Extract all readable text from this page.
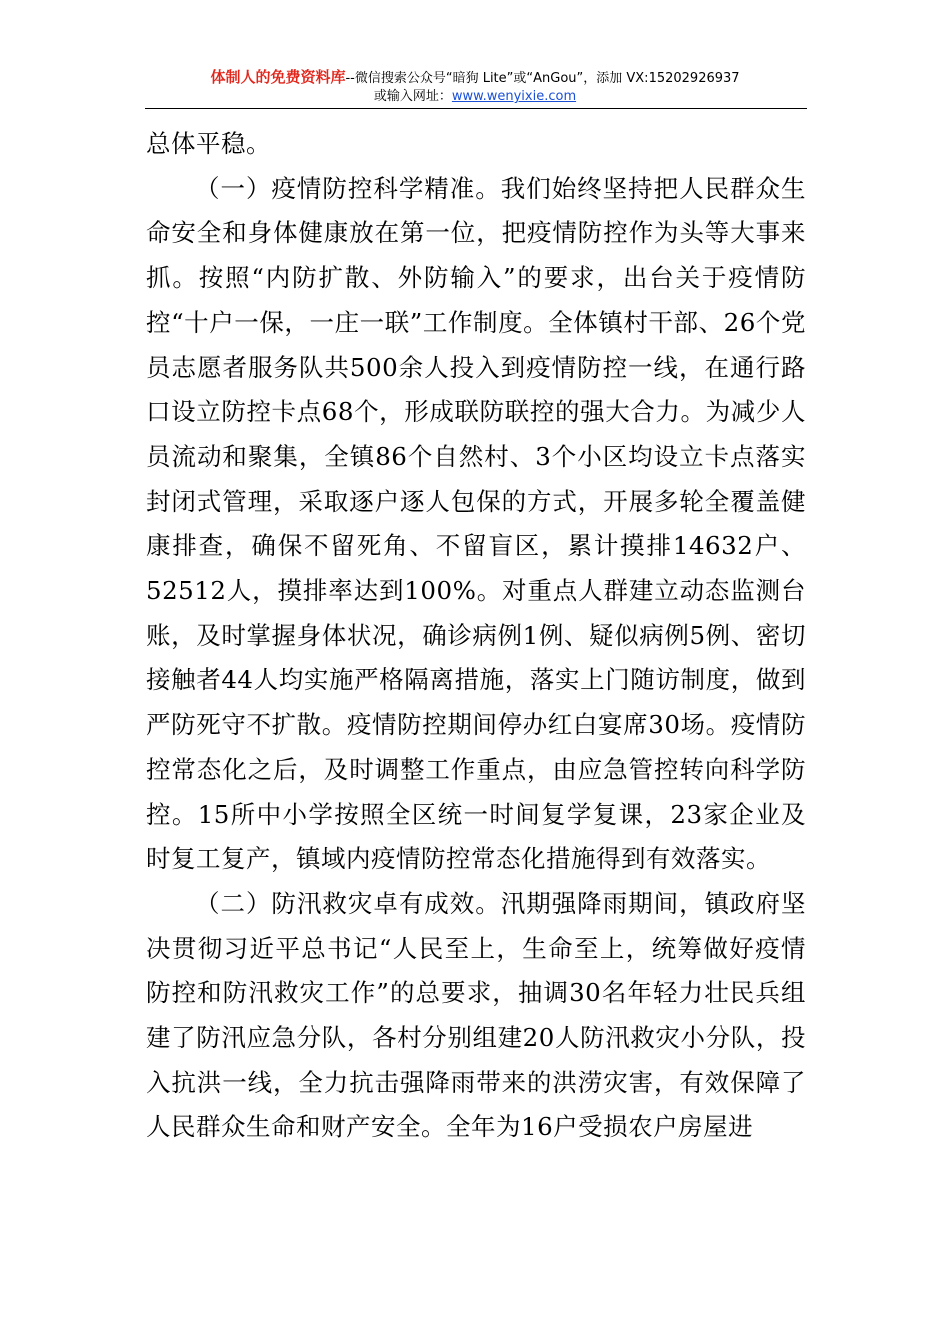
体制人的免费资料库--微信搜索公众号“暗狗 Lite”或“AnGou”，添加 VX:15202926937
或输入网址：www.wenyixie.com

总体平稳。

（一）疫情防控科学精准。我们始终坚持把人民群众生命安全和身体健康放在第一位，把疫情防控作为头等大事来抓。按照“内防扩散、外防输入”的要求，出台关于疫情防控“十户一保，一庄一联”工作制度。全体镇村干部、26个党员志愿者服务队共500余人投入到疫情防控一线，在通行路口设立防控卡点68个，形成联防联控的强大合力。为减少人员流动和聚集，全镇86个自然村、3个小区均设立卡点落实封闭式管理，采取逐户逐人包保的方式，开展多轮全覆盖健康排查，确保不留死角、不留盲区，累计摸排14632户、52512人，摸排率达到100%。对重点人群建立动态监测台账，及时掌握身体状况，确诊病例1例、疑似病例5例、密切接触者44人均实施严格隔离措施，落实上门随访制度，做到严防死守不扩散。疫情防控期间停办红白宴席30场。疫情防控常态化之后，及时调整工作重点，由应急管控转向科学防控。15所中小学按照全区统一时间复学复课，23家企业及时复工复产，镇域内疫情防控常态化措施得到有效落实。

（二）防汛救灾卓有成效。汛期强降雨期间，镇政府坚决贯彻习近平总书记“人民至上，生命至上，统筹做好疫情防控和防汛救灾工作”的总要求，抽调30名年轻力壮民兵组建了防汛应急分队，各村分别组建20人防汛救灾小分队，投入抗洪一线，全力抗击强降雨带来的洪涝灾害，有效保障了人民群众生命和财产安全。全年为16户受损农户房屋进
